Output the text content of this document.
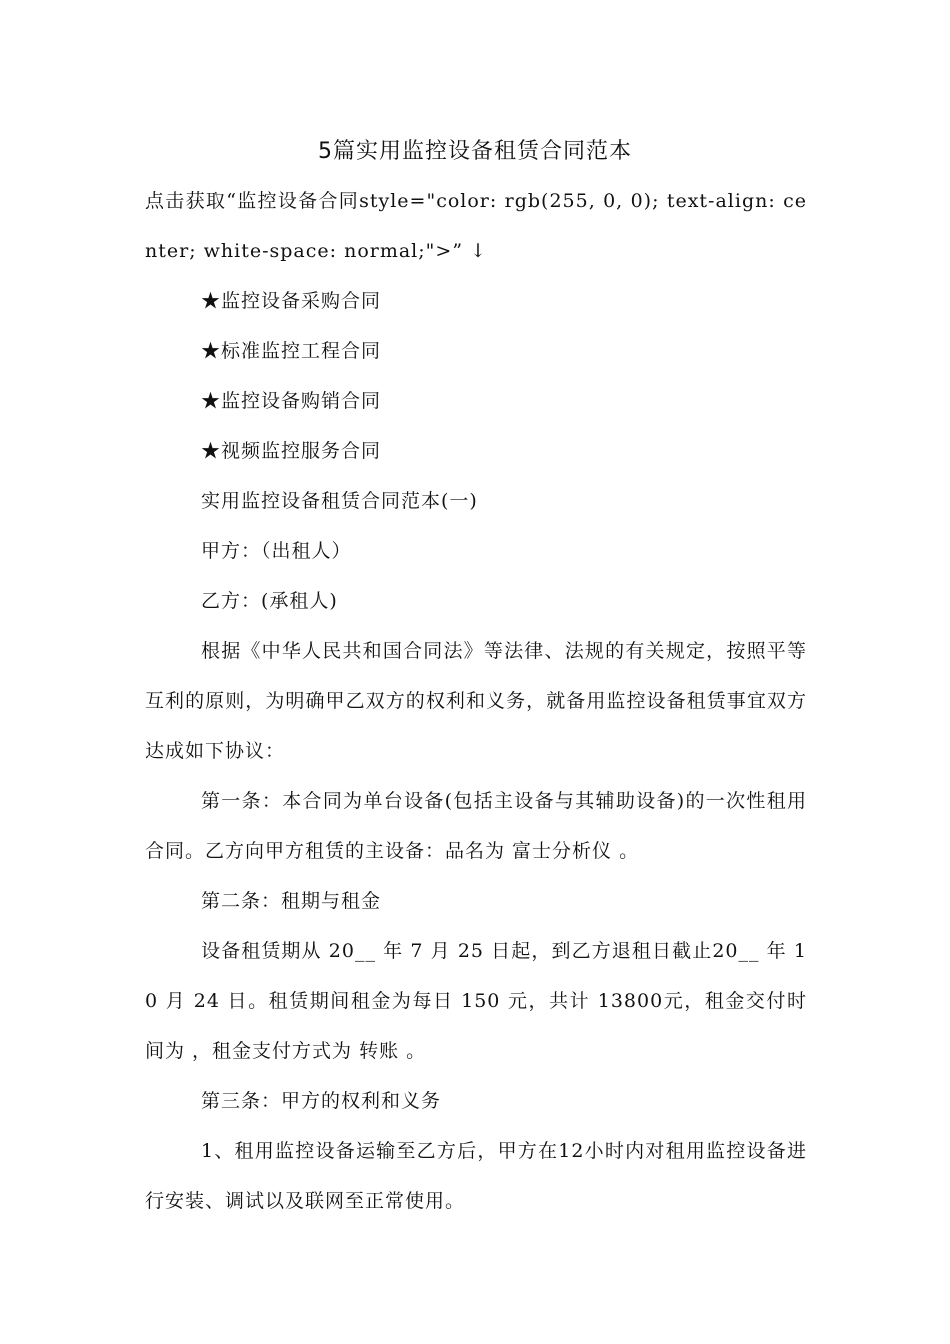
5篇实用监控设备租赁合同范本

点击获取“监控设备合同style="color: rgb(255, 0, 0); text-align: center; white-space: normal;">” ↓

★监控设备采购合同

★标准监控工程合同

★监控设备购销合同

★视频监控服务合同

实用监控设备租赁合同范本(一)

甲方：（出租人）

乙方：(承租人)

根据《中华人民共和国合同法》等法律、法规的有关规定，按照平等互利的原则，为明确甲乙双方的权利和义务，就备用监控设备租赁事宜双方达成如下协议：

第一条：本合同为单台设备(包括主设备与其辅助设备)的一次性租用合同。乙方向甲方租赁的主设备：品名为 富士分析仪 。

第二条：租期与租金

设备租赁期从 20__ 年 7 月 25 日起，到乙方退租日截止20__ 年 10 月 24 日。租赁期间租金为每日 150 元，共计 13800元，租金交付时间为 ，租金支付方式为 转账 。

第三条：甲方的权利和义务

1、租用监控设备运输至乙方后，甲方在12小时内对租用监控设备进行安装、调试以及联网至正常使用。
